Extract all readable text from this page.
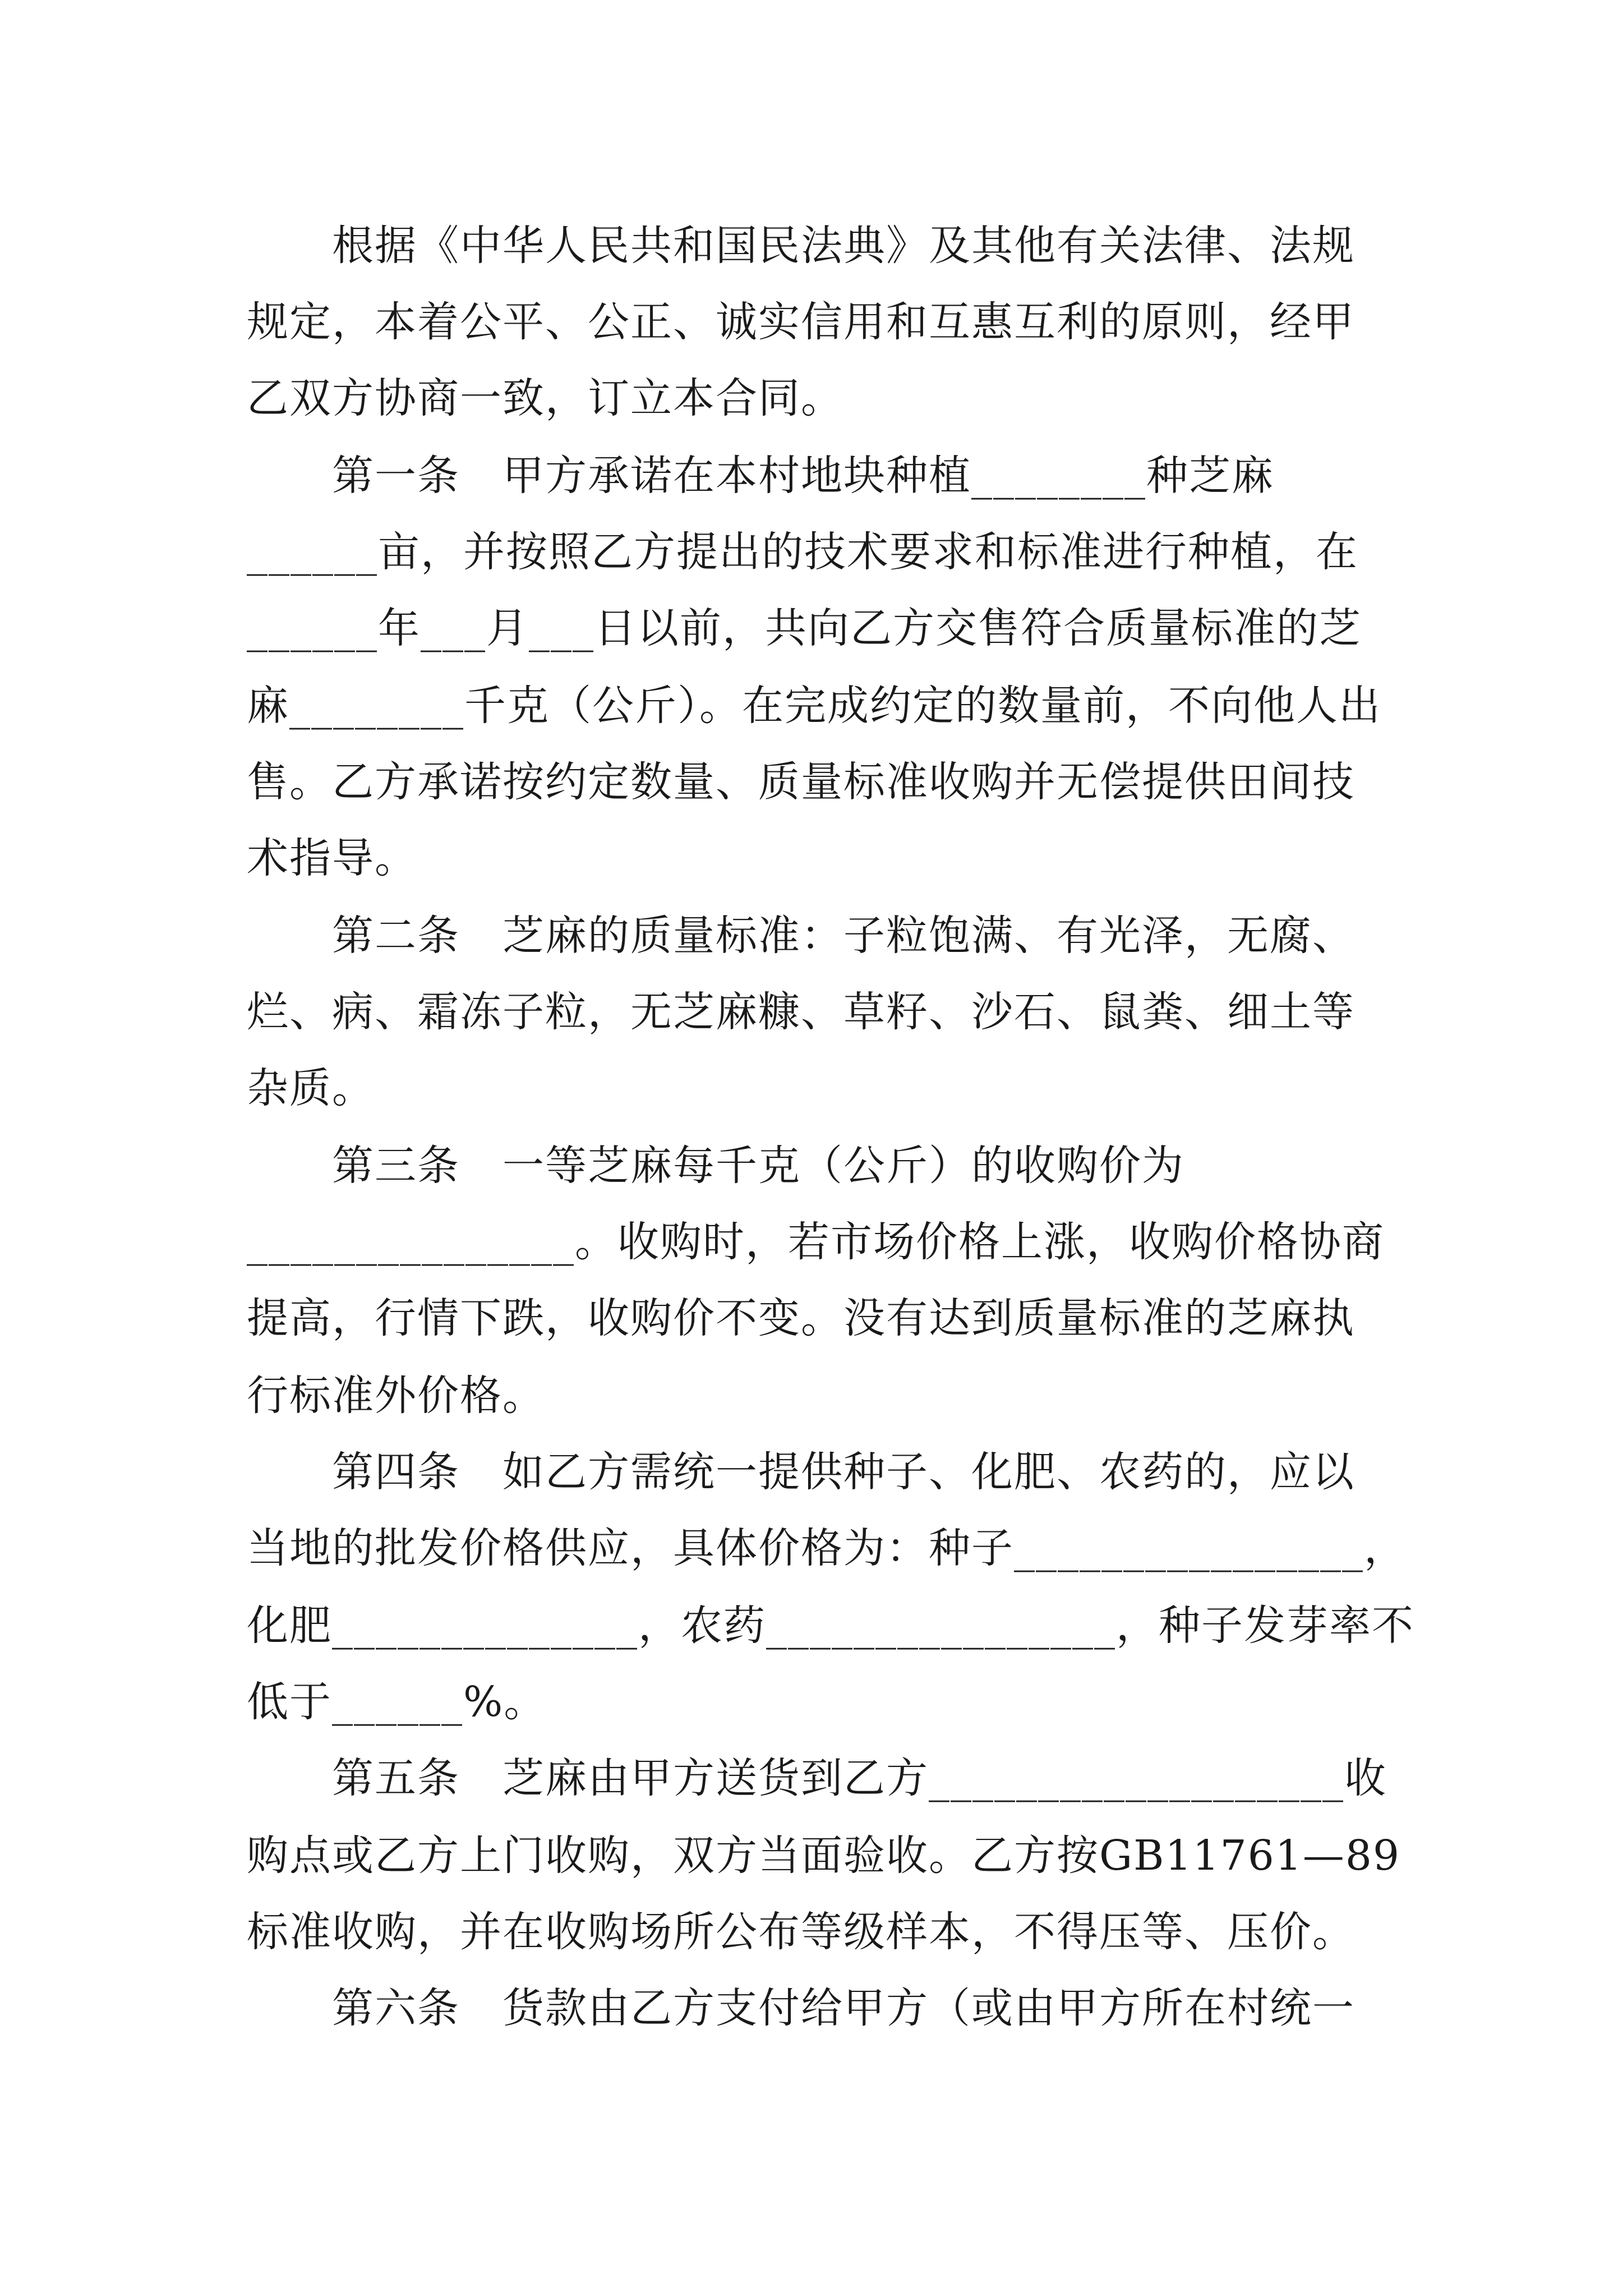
　　根据《中华人民共和国民法典》及其他有关法律、法规
规定，本着公平、公正、诚实信用和互惠互利的原则，经甲
乙双方协商一致，订立本合同。
　　第一条　甲方承诺在本村地块种植________种芝麻
______亩，并按照乙方提出的技术要求和标准进行种植，在
______年___月___日以前，共向乙方交售符合质量标准的芝
麻________千克（公斤）。在完成约定的数量前，不向他人出
售。乙方承诺按约定数量、质量标准收购并无偿提供田间技
术指导。
　　第二条　芝麻的质量标准：子粒饱满、有光泽，无腐、
烂、病、霜冻子粒，无芝麻糠、草籽、沙石、鼠粪、细土等
杂质。
　　第三条　一等芝麻每千克（公斤）的收购价为
_______________。收购时，若市场价格上涨，收购价格协商
提高，行情下跌，收购价不变。没有达到质量标准的芝麻执
行标准外价格。
　　第四条　如乙方需统一提供种子、化肥、农药的，应以
当地的批发价格供应，具体价格为：种子________________，
化肥______________，农药________________，种子发芽率不
低于______%。
　　第五条　芝麻由甲方送货到乙方___________________收
购点或乙方上门收购，双方当面验收。乙方按GB11761—89
标准收购，并在收购场所公布等级样本，不得压等、压价。
　　第六条　货款由乙方支付给甲方（或由甲方所在村统一
